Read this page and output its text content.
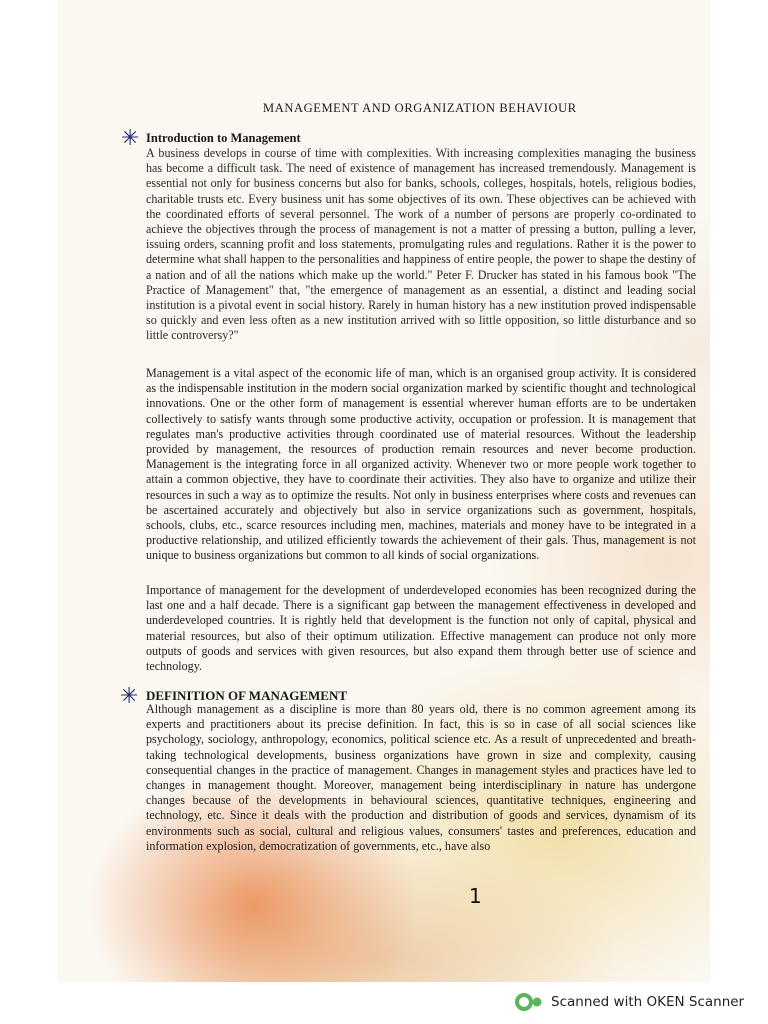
MANAGEMENT AND ORGANIZATION BEHAVIOUR
✳ Introduction to Management

A business develops in course of time with complexities. With increasing complexities managing the business has become a difficult task. The need of existence of management has increased tremendously. Management is essential not only for business concerns but also for banks, schools, colleges, hospitals, hotels, religious bodies, charitable trusts etc. Every business unit has some objectives of its own. These objectives can be achieved with the coordinated efforts of several personnel. The work of a number of persons are properly co-ordinated to achieve the objectives through the process of management is not a matter of pressing a button, pulling a lever, issuing orders, scanning profit and loss statements, promulgating rules and regulations. Rather it is the power to determine what shall happen to the personalities and happiness of entire people, the power to shape the destiny of a nation and of all the nations which make up the world." Peter F. Drucker has stated in his famous book "The Practice of Management" that, "the emergence of management as an essential, a distinct and leading social institution is a pivotal event in social history. Rarely in human history has a new institution proved indispensable so quickly and even less often as a new institution arrived with so little opposition, so little disturbance and so little controversy?"

Management is a vital aspect of the economic life of man, which is an organised group activity. It is considered as the indispensable institution in the modern social organization marked by scientific thought and technological innovations. One or the other form of management is essential wherever human efforts are to be undertaken collectively to satisfy wants through some productive activity, occupation or profession. It is management that regulates man's productive activities through coordinated use of material resources. Without the leadership provided by management, the resources of production remain resources and never become production. Management is the integrating force in all organized activity. Whenever two or more people work together to attain a common objective, they have to coordinate their activities. They also have to organize and utilize their resources in such a way as to optimize the results. Not only in business enterprises where costs and revenues can be ascertained accurately and objectively but also in service organizations such as government, hospitals, schools, clubs, etc., scarce resources including men, machines, materials and money have to be integrated in a productive relationship, and utilized efficiently towards the achievement of their gals. Thus, management is not unique to business organizations but common to all kinds of social organizations.

Importance of management for the development of underdeveloped economies has been recognized during the last one and a half decade. There is a significant gap between the management effectiveness in developed and underdeveloped countries. It is rightly held that development is the function not only of capital, physical and material resources, but also of their optimum utilization. Effective management can produce not only more outputs of goods and services with given resources, but also expand them through better use of science and technology.

✳ DEFINITION OF MANAGEMENT

Although management as a discipline is more than 80 years old, there is no common agreement among its experts and practitioners about its precise definition. In fact, this is so in case of all social sciences like psychology, sociology, anthropology, economics, political science etc. As a result of unprecedented and breath-taking technological developments, business organizations have grown in size and complexity, causing consequential changes in the practice of management. Changes in management styles and practices have led to changes in management thought. Moreover, management being interdisciplinary in nature has undergone changes because of the developments in behavioural sciences, quantitative techniques, engineering and technology, etc. Since it deals with the production and distribution of goods and services, dynamism of its environments such as social, cultural and religious values, consumers' tastes and preferences, education and information explosion, democratization of governments, etc., have also

1
Scanned with OKEN Scanner
